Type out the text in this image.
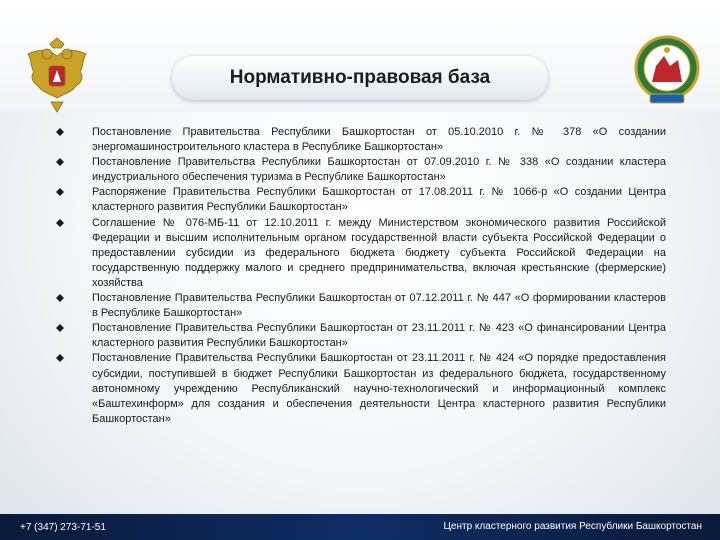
Нормативно-правовая база
Постановление Правительства Республики Башкортостан от 05.10.2010 г. № 378 «О создании энергомашиностроительного кластера в Республике Башкортостан»
Постановление Правительства Республики Башкортостан от 07.09.2010 г. № 338 «О создании кластера индустриального обеспечения туризма в Республике Башкортостан»
Распоряжение Правительства Республики Башкортостан от 17.08.2011 г. № 1066-р «О создании Центра кластерного развития Республики Башкортостан»
Соглашение № 076-МБ-11 от 12.10.2011 г. между Министерством экономического развития Российской Федерации и высшим исполнительным органом государственной власти субъекта Российской Федерации о предоставлении субсидии из федерального бюджета бюджету субъекта Российской Федерации на государственную поддержку малого и среднего предпринимательства, включая крестьянские (фермерские) хозяйства
Постановление Правительства Республики Башкортостан от 07.12.2011 г. № 447 «О формировании кластеров в Республике Башкортостан»
Постановление Правительства Республики Башкортостан от 23.11.2011 г. № 423 «О финансировании Центра кластерного развития Республики Башкортостан»
Постановление Правительства Республики Башкортостан от 23.11.2011 г. № 424 «О порядке предоставления субсидии, поступившей в бюджет Республики Башкортостан из федерального бюджета, государственному автономному учреждению Республиканский научно-технологический и информационный комплекс «Баштехинформ» для создания и обеспечения деятельности Центра кластерного развития Республики Башкортостан»
+7 (347) 273-71-51	Центр кластерного развития Республики Башкортостан
